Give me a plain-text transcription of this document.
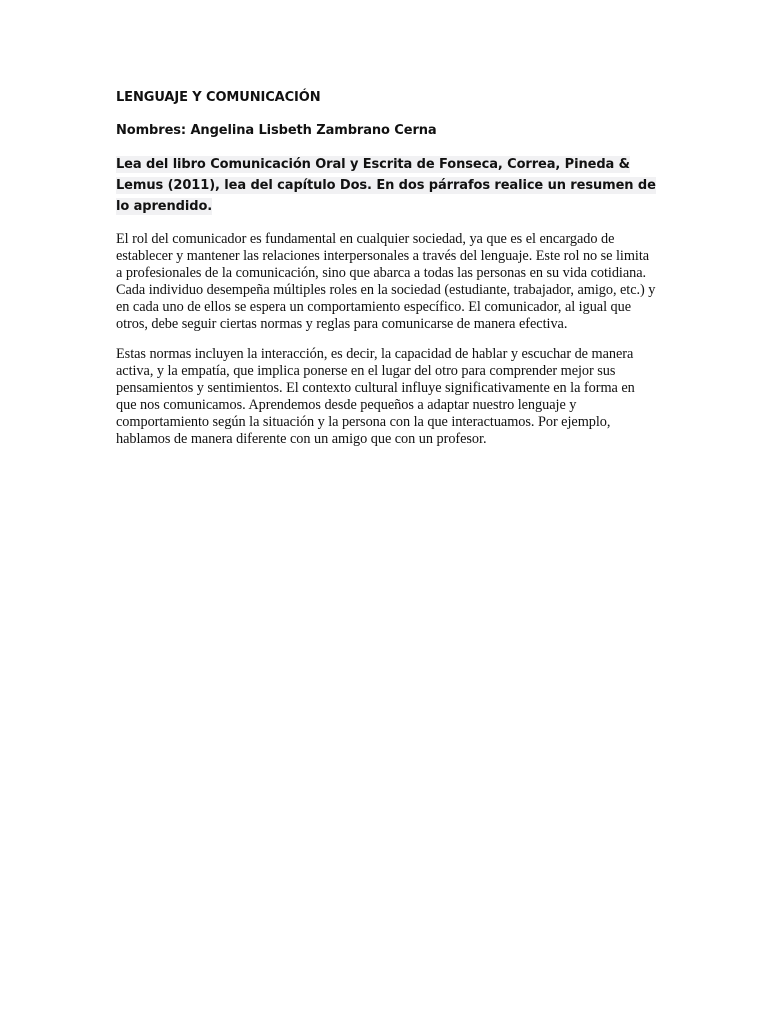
LENGUAJE Y COMUNICACIÓN

Nombres: Angelina Lisbeth Zambrano Cerna

Lea del libro Comunicación Oral y Escrita de Fonseca, Correa, Pineda & Lemus (2011), lea del capítulo Dos. En dos párrafos realice un resumen de lo aprendido.

El rol del comunicador es fundamental en cualquier sociedad, ya que es el encargado de establecer y mantener las relaciones interpersonales a través del lenguaje. Este rol no se limita a profesionales de la comunicación, sino que abarca a todas las personas en su vida cotidiana. Cada individuo desempeña múltiples roles en la sociedad (estudiante, trabajador, amigo, etc.) y en cada uno de ellos se espera un comportamiento específico. El comunicador, al igual que otros, debe seguir ciertas normas y reglas para comunicarse de manera efectiva.

Estas normas incluyen la interacción, es decir, la capacidad de hablar y escuchar de manera activa, y la empatía, que implica ponerse en el lugar del otro para comprender mejor sus pensamientos y sentimientos. El contexto cultural influye significativamente en la forma en que nos comunicamos. Aprendemos desde pequeños a adaptar nuestro lenguaje y comportamiento según la situación y la persona con la que interactuamos. Por ejemplo, hablamos de manera diferente con un amigo que con un profesor.
